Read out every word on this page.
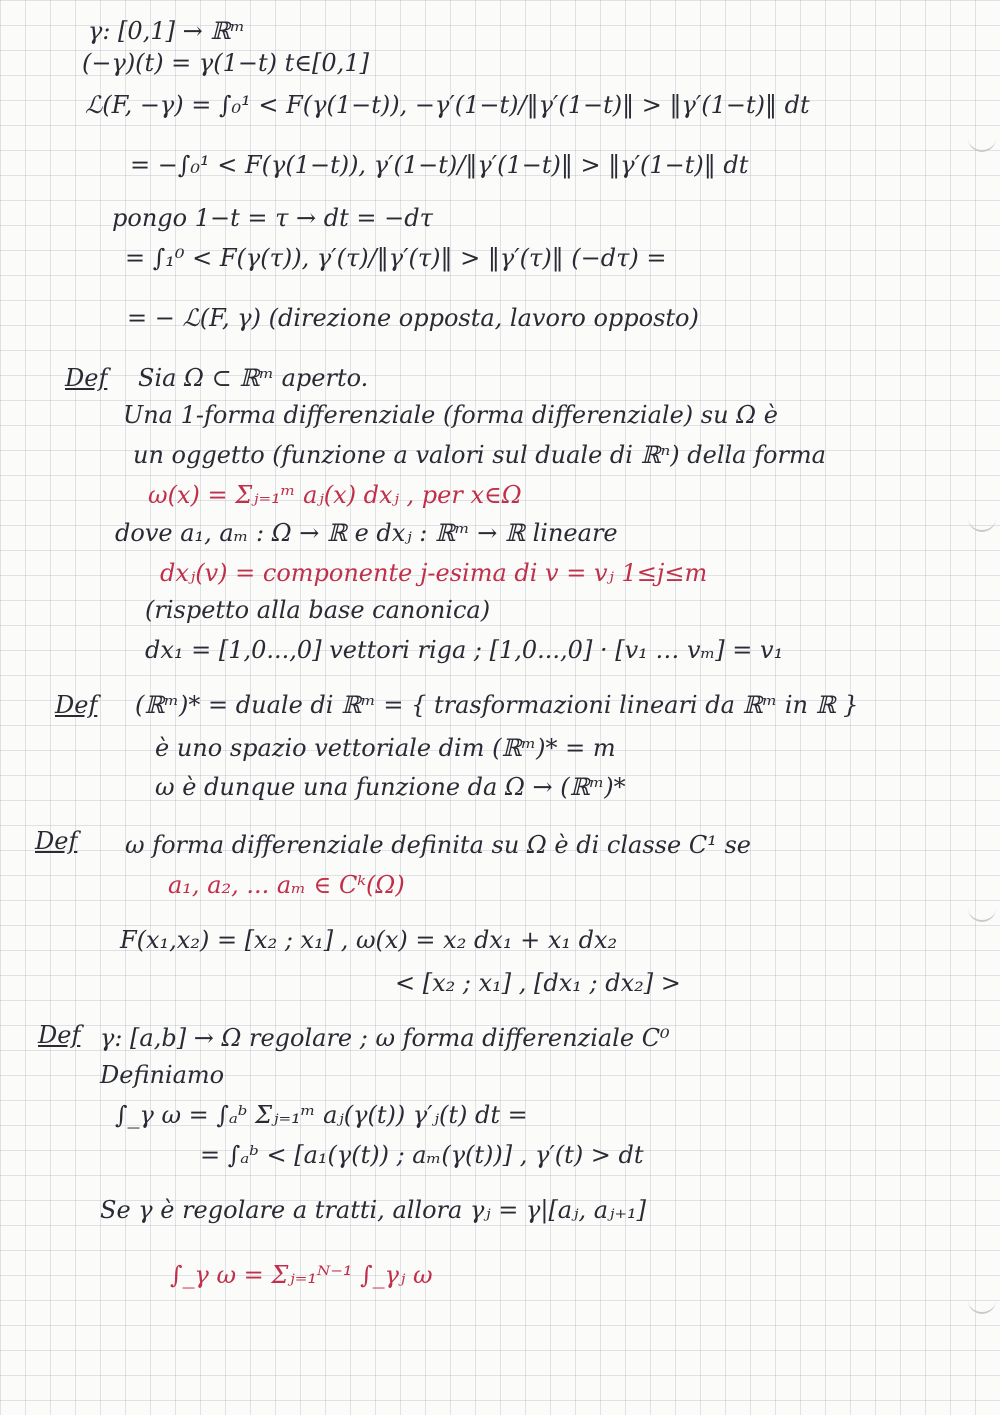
γ: [0,1] → ℝᵐ
(−γ)(t) = γ(1−t) t∈[0,1]
ℒ(F, −γ) = ∫₀¹ < F(γ(1−t)), −γ′(1−t)/‖γ′(1−t)‖ > ‖γ′(1−t)‖ dt
= −∫₀¹ < F(γ(1−t)), γ′(1−t)/‖γ′(1−t)‖ > ‖γ′(1−t)‖ dt
pongo 1−t = τ → dt = −dτ
= ∫₁⁰ < F(γ(τ)), γ′(τ)/‖γ′(τ)‖ > ‖γ′(τ)‖ (−dτ) =
= − ℒ(F, γ) (direzione opposta, lavoro opposto)
Sia Ω ⊂ ℝᵐ aperto.
Una 1-forma differenziale (forma differenziale) su Ω è
un oggetto (funzione a valori sul duale di ℝⁿ) della forma
ω(x) = Σⱼ₌₁ᵐ aⱼ(x) dxⱼ , per x∈Ω
dove a₁, aₘ : Ω → ℝ e dxⱼ : ℝᵐ → ℝ lineare
dxⱼ(v) = componente j-esima di v = vⱼ 1≤j≤m
(rispetto alla base canonica)
dx₁ = [1,0...,0] vettori riga ; [1,0...,0] · [v₁ … vₘ] = v₁
(ℝᵐ)* = duale di ℝᵐ = { trasformazioni lineari da ℝᵐ in ℝ }
è uno spazio vettoriale dim (ℝᵐ)* = m
ω è dunque una funzione da Ω → (ℝᵐ)*
ω forma differenziale definita su Ω è di classe C¹ se
a₁, a₂, ... aₘ ∈ Cᵏ(Ω)
F(x₁,x₂) = [x₂ ; x₁] , ω(x) = x₂ dx₁ + x₁ dx₂
< [x₂ ; x₁] , [dx₁ ; dx₂] >
γ: [a,b] → Ω regolare ; ω forma differenziale C⁰
Definiamo
∫_γ ω = ∫ₐᵇ Σⱼ₌₁ᵐ aⱼ(γ(t)) γ′ⱼ(t) dt =
= ∫ₐᵇ < [a₁(γ(t)) ; aₘ(γ(t))] , γ′(t) > dt
Se γ è regolare a tratti, allora γⱼ = γ|[aⱼ, aⱼ₊₁]
∫_γ ω = Σⱼ₌₁ᴺ⁻¹ ∫_γⱼ ω
Def
Def
Def
Def
